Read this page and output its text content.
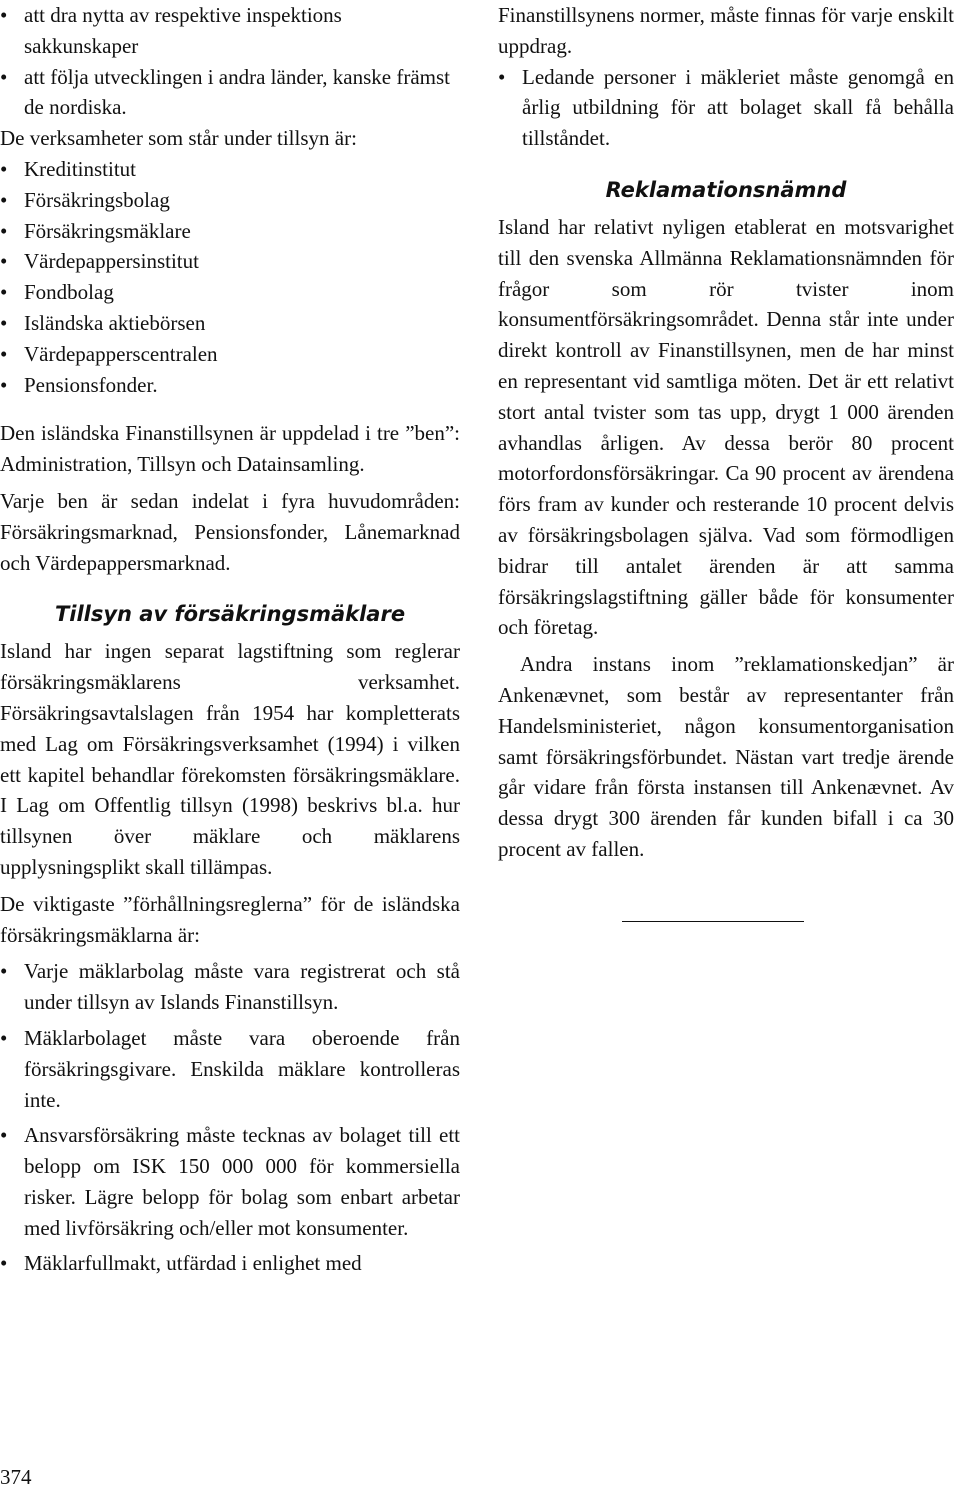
• att dra nytta av respektive inspektions sakkunskaper
• att följa utvecklingen i andra länder, kanske främst de nordiska.

De verksamheter som står under tillsyn är:

• Kreditinstitut
• Försäkringsbolag
• Försäkringsmäklare
• Värdepappersinstitut
• Fondbolag
• Isländska aktiebörsen
• Värdepapperscentralen
• Pensionsfonder.

Den isländska Finanstillsynen är uppdelad i tre ”ben”: Administration, Tillsyn och Datainsamling.

Varje ben är sedan indelat i fyra huvudområden: Försäkringsmarknad, Pensionsfonder, Lånemarknad och Värdepappersmarknad.

Tillsyn av försäkringsmäklare

Island har ingen separat lagstiftning som reglerar försäkringsmäklarens verksamhet. Försäkringsavtalslagen från 1954 har kompletterats med Lag om Försäkringsverksamhet (1994) i vilken ett kapitel behandlar förekomsten försäkringsmäklare. I Lag om Offentlig tillsyn (1998) beskrivs bl.a. hur tillsynen över mäklare och mäklarens upplysningsplikt skall tillämpas.

De viktigaste ”förhållningsreglerna” för de isländska försäkringsmäklarna är:

• Varje mäklarbolag måste vara registrerat och stå under tillsyn av Islands Finanstillsyn.
• Mäklarbolaget måste vara oberoende från försäkringsgivare. Enskilda mäklare kontrolleras inte.
• Ansvarsförsäkring måste tecknas av bolaget till ett belopp om ISK 150 000 000 för kommersiella risker. Lägre belopp för bolag som enbart arbetar med livförsäkring och/eller mot konsumenter.
• Mäklarfullmakt, utfärdad i enlighet med

Finanstillsynens normer, måste finnas för varje enskilt uppdrag.

• Ledande personer i mäkleriet måste genomgå en årlig utbildning för att bolaget skall få behålla tillståndet.
Reklamationsnämnd

Island har relativt nyligen etablerat en motsvarighet till den svenska Allmänna Reklamationsnämnden för frågor som rör tvister inom konsumentförsäkringsområdet. Denna står inte under direkt kontroll av Finanstillsynen, men de har minst en representant vid samtliga möten. Det är ett relativt stort antal tvister som tas upp, drygt 1 000 ärenden avhandlas årligen. Av dessa berör 80 procent motorfordonsförsäkringar. Ca 90 procent av ärendena förs fram av kunder och resterande 10 procent delvis av försäkringsbolagen själva. Vad som förmodligen bidrar till antalet ärenden är att samma försäkringslagstiftning gäller både för konsumenter och företag.

Andra instans inom ”reklamationskedjan” är Ankenævnet, som består av representanter från Handelsministeriet, någon konsumentorganisation samt försäkringsförbundet. Nästan vart tredje ärende går vidare från första instansen till Ankenævnet. Av dessa drygt 300 ärenden får kunden bifall i ca 30 procent av fallen.

374
